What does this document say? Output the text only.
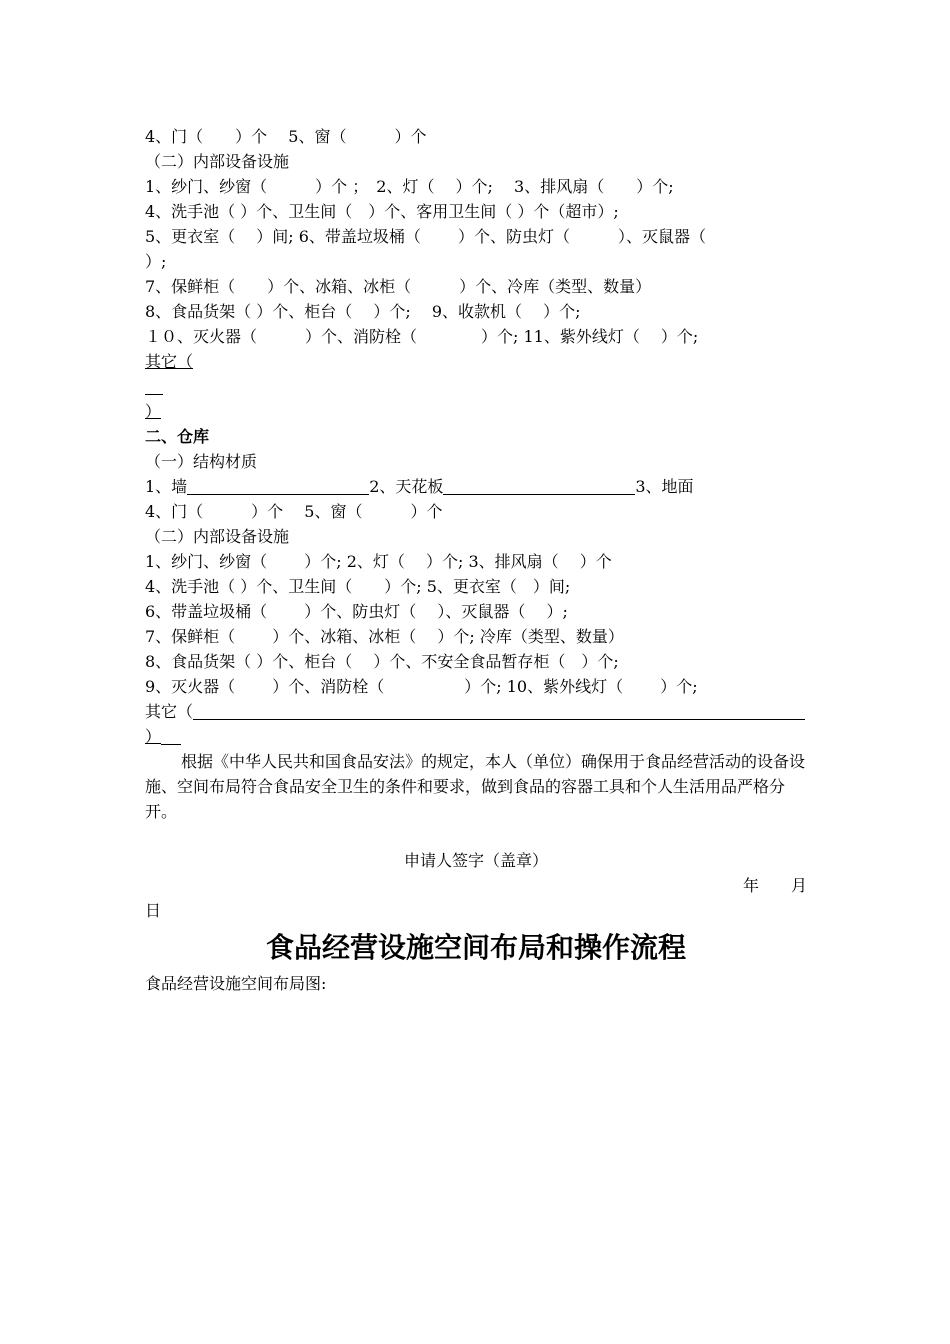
4、门（　　）个　 5、窗（　　　）个
（二）内部设备设施
1、纱门、纱窗（　　　）个 ；　2、灯（　 ）个;　 3、排风扇（　　）个;
4、洗手池（ ）个、卫生间（　）个、客用卫生间（ ）个（超市）;
5、更衣室（　 ）间; 6、带盖垃圾桶（　　 ）个、防虫灯（　　　）、灭鼠器（
）;
7、保鲜柜（　　）个、冰箱、冰柜（　　　）个、冷库（类型、数量）
8、食品货架（ ）个、柜台（　 ）个;　 9、收款机（　 ）个;
１０、灭火器（　　　）个、消防栓（　　　　）个; 11、紫外线灯（　 ）个;
其它（
）
二、仓库
（一）结构材质
1、墙	2、天花板	3、地面
4、门（　　　）个　 5、窗（　　　）个
（二）内部设备设施
1、纱门、纱窗（　　 ）个; 2、灯（　 ）个; 3、排风扇（　 ）个
4、洗手池（ ）个、卫生间（　　）个; 5、更衣室（　）间;
6、带盖垃圾桶（　　 ）个、防虫灯（　 ）、灭鼠器（　 ）;
7、保鲜柜（　　 ）个、冰箱、冰柜（　 ）个; 冷库（类型、数量）
8、食品货架（ ）个、柜台（　 ）个、不安全食品暂存柜（　）个;
9、灭火器（　　 ）个、消防栓（　　　　　）个; 10、紫外线灯（　　 ）个;
其它（
）
根据《中华人民共和国食品安法》的规定，本人（单位）确保用于食品经营活动的设备设施、空间布局符合食品安全卫生的条件和要求，做到食品的容器工具和个人生活用品严格分开。
申请人签字（盖章）
年　　月
日
食品经营设施空间布局和操作流程
食品经营设施空间布局图:
